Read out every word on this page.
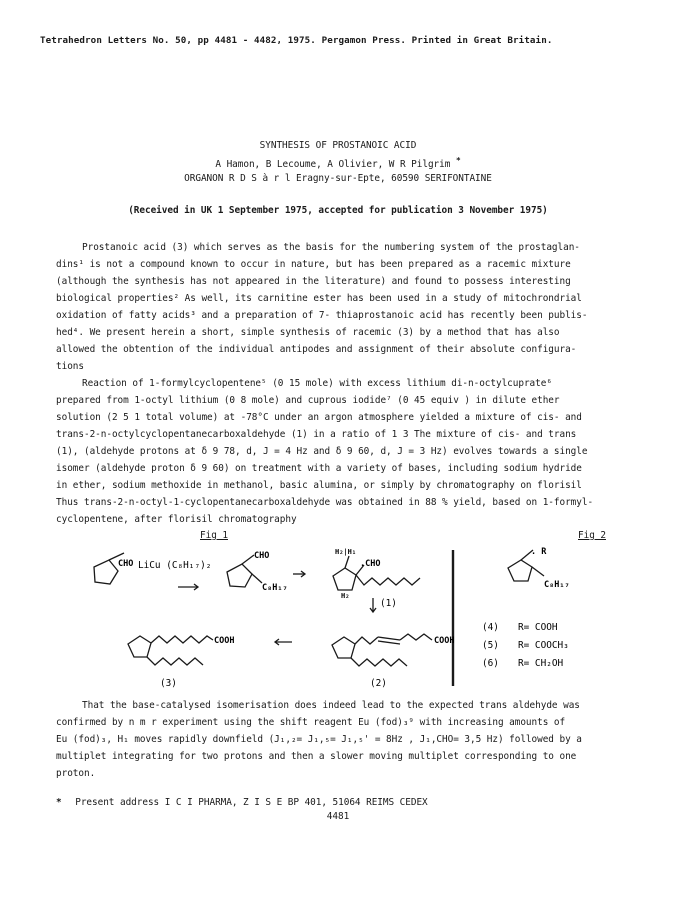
Tetrahedron Letters No. 50, pp 4481 - 4482, 1975. Pergamon Press. Printed in Great Britain.
SYNTHESIS OF PROSTANOIC ACID
A Hamon, B Lecoume, A Olivier, W R Pilgrim *
ORGANON R D S à r l Eragny-sur-Epte, 60590 SERIFONTAINE
(Received in UK 1 September 1975, accepted for publication 3 November 1975)
Prostanoic acid (3) which serves as the basis for the numbering system of the prostaglan-
dins¹ is not a compound known to occur in nature, but has been prepared as a racemic mixture
(although the synthesis has not appeared in the literature) and found to possess interesting
biological properties² As well, its carnitine ester has been used in a study of mitochrondrial
oxidation of fatty acids³ and a preparation of 7- thiaprostanoic acid has recently been publis-
hed⁴. We present herein a short, simple synthesis of racemic (3) by a method that has also
allowed the obtention of the individual antipodes and assignment of their absolute configura-
tions
Reaction of 1-formylcyclopentene⁵ (0 15 mole) with excess lithium di-n-octylcuprate⁶
prepared from 1-octyl lithium (0 8 mole) and cuprous iodide⁷ (0 45 equiv ) in dilute ether
solution (2 5 1 total volume) at -78°C under an argon atmosphere yielded a mixture of cis- and
trans-2-n-octylcyclopentanecarboxaldehyde (1) in a ratio of 1 3 The mixture of cis- and trans
(1), (aldehyde protons at δ 9 78, d, J = 4 Hz and δ 9 60, d, J = 3 Hz) evolves towards a single
isomer (aldehyde proton δ 9 60) on treatment with a variety of bases, including sodium hydride
in ether, sodium methoxide in methanol, basic alumina, or simply by chromatography on florisil
Thus trans-2-n-octyl-1-cyclopentanecarboxaldehyde was obtained in 88 % yield, based on 1-formyl-
cyclopentene, after florisil chromatography
Fig 1	Fig 2
CHO LiCu (C₈H₁₇)₂
CHO
C₈H₁₇
H₂|H₁
.CHO
H₂
(1)
COOH
COOH
(2)
(3)
. R
C₈H₁₇
(4) R= COOH
(5) R= COOCH₃
(6) R= CH₂OH
That the base-catalysed isomerisation does indeed lead to the expected trans aldehyde was
confirmed by n m r experiment using the shift reagent Eu (fod)₃⁹ with increasing amounts of
Eu (fod)₃, H₁ moves rapidly downfield (J₁,₂= J₁,₅= J₁,₅' = 8Hz , J₁,CHO= 3,5 Hz) followed by a
multiplet integrating for two protons and then a slower moving multiplet corresponding to one
proton.
* Present address I C I PHARMA, Z I S E BP 401, 51064 REIMS CEDEX
4481
